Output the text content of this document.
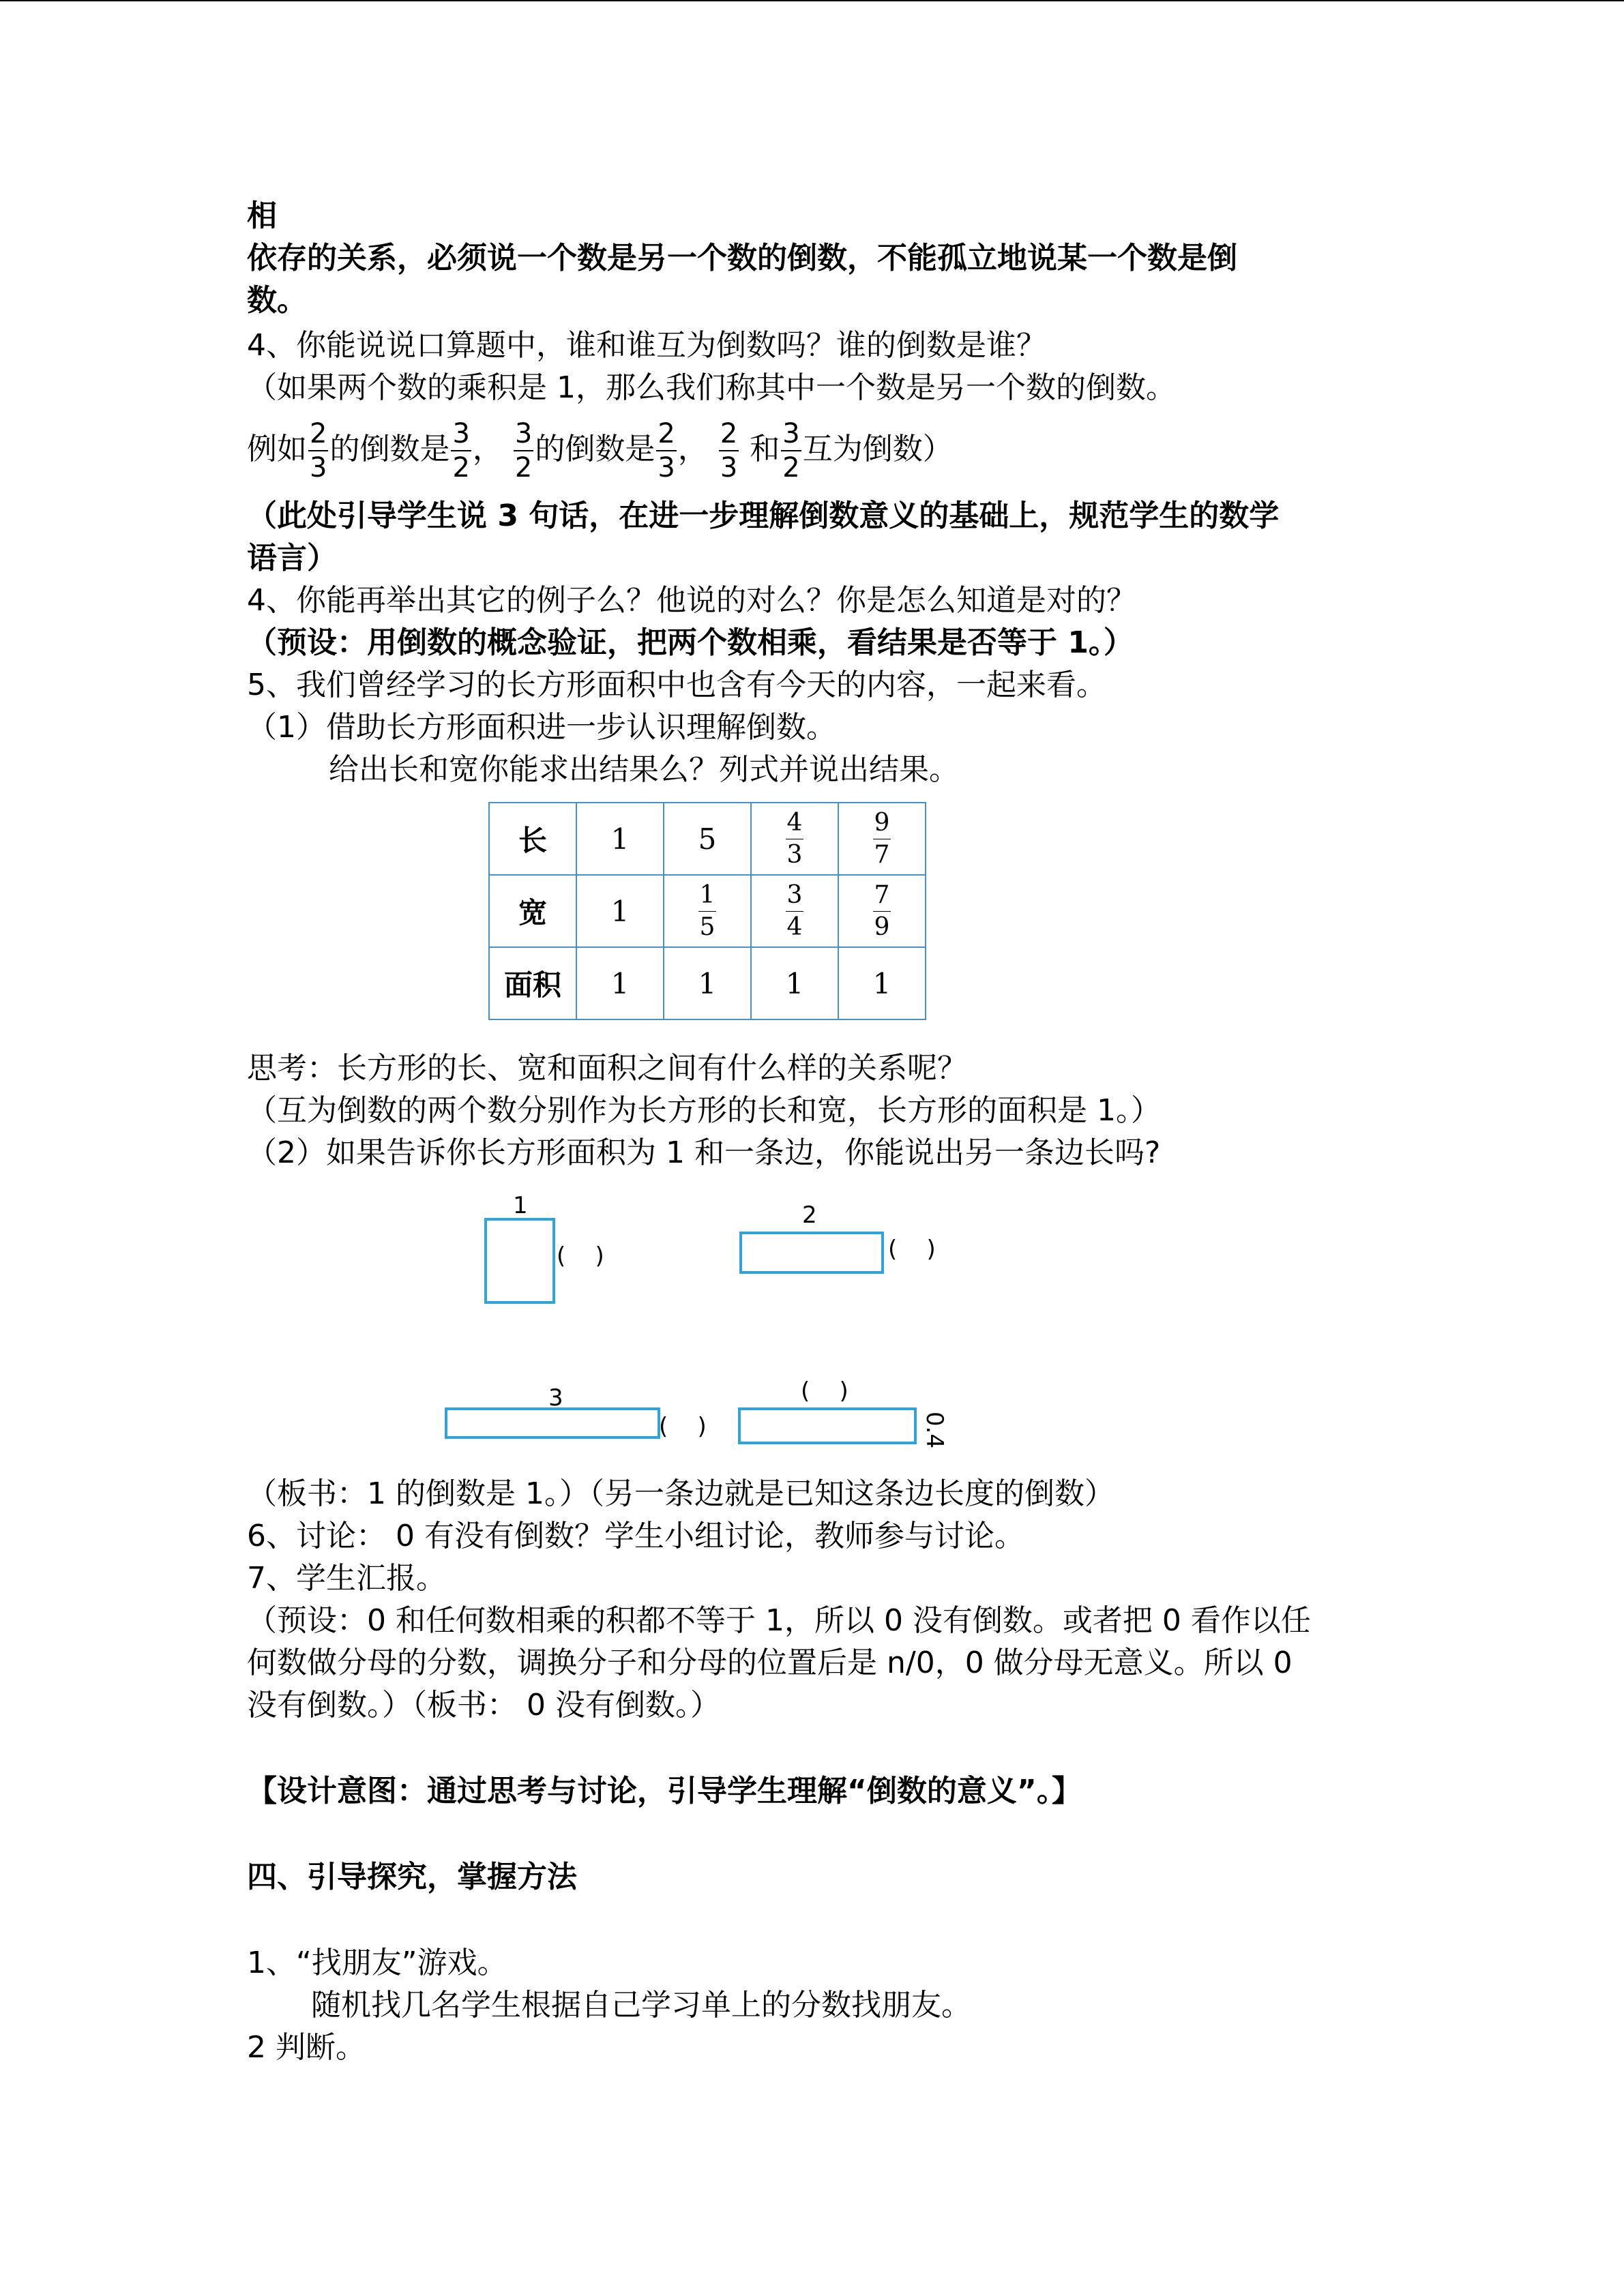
相
依存的关系，必须说一个数是另一个数的倒数，不能孤立地说某一个数是倒
数。
4、你能说说口算题中，谁和谁互为倒数吗？谁的倒数是谁？
（如果两个数的乘积是 1，那么我们称其中一个数是另一个数的倒数。
例如 $\frac{2}{3}$ 的倒数是 $\frac{3}{2}$ ， $\frac{3}{2}$ 的倒数是 $\frac{2}{3}$ ， $\frac{2}{3}$ 和 $\frac{3}{2}$ 互为倒数）
（此处引导学生说 3 句话，在进一步理解倒数意义的基础上，规范学生的数学
语言）
4、你能再举出其它的例子么？他说的对么？你是怎么知道是对的？
（预设：用倒数的概念验证，把两个数相乘，看结果是否等于 1。）
5、我们曾经学习的长方形面积中也含有今天的内容，一起来看。
（1）借助长方形面积进一步认识理解倒数。
给出长和宽你能求出结果么？列式并说出结果。
长	1	5	$\frac{4}{3}$	$\frac{9}{7}$

宽	1	$\frac{1}{5}$	$\frac{3}{4}$	$\frac{7}{9}$

面积	1	1	1	1
思考：长方形的长、宽和面积之间有什么样的关系呢？
（互为倒数的两个数分别作为长方形的长和宽，长方形的面积是 1。）
（2）如果告诉你长方形面积为 1 和一条边，你能说出另一条边长吗?
1
(    )
2
(    )
3
(    )
(    )
0.4
（板书：1 的倒数是 1。）（另一条边就是已知这条边长度的倒数）
6、讨论： 0 有没有倒数？学生小组讨论，教师参与讨论。
7、学生汇报。
（预设：0 和任何数相乘的积都不等于 1，所以 0 没有倒数。或者把 0 看作以任
何数做分母的分数，调换分子和分母的位置后是 n/0，0 做分母无意义。所以 0
没有倒数。）（板书： 0 没有倒数。）
【设计意图：通过思考与讨论，引导学生理解“倒数的意义”。】
四、引导探究，掌握方法
1、“找朋友”游戏。
随机找几名学生根据自己学习单上的分数找朋友。
2 判断。
